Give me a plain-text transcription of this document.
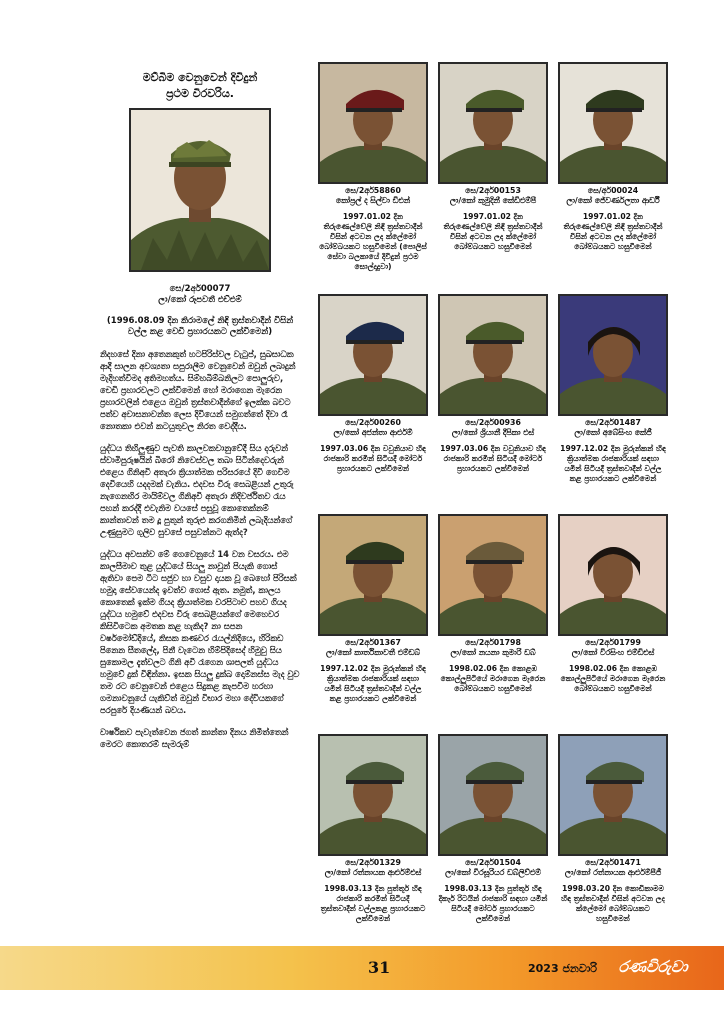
මව්බිම වෙනුවෙන් දිවිදුන්
ප්‍රථම විරවරිය.
සෙ/2අර්00077
ලා/කෝ රූපවතී එච්එම්
(1996.08.09 දින කිරාමලේ නිඳි ත්‍රස්තවාදීන් විසින් වල්ල කළ වෙඩි ප්‍රහාරයකට ලක්විමෙන්)

නිදහසේ දිනා අතෙනකුත් හටපිරිස්වල වැටුප්, සුඛසාධක ආදී සාලන අවශ්‍යතා සපුරාලීම වෙනුවෙන් ඔවුන් ලබාදුන් මැදිහත්වීමද අතිමහත්ය. සිම්හබිම්බනිලට පොලුරුව, චෙඩි ප්‍රහාරවලට ලක්වීමෙන් හෝ මරාගෙන මැරෙන ප්‍රහාරවලින් එළෙය ඔවුන් ත්‍රස්තවාදීන්ගේ ඉලක්ක බවට පත්ව අවාසනාවන්ත ලෙස දිවියෙන් සමුගත්තේ දිවා රෑ නොතකා එවන් කටයුතුවල නිරත වෙද්දීය.

යුද්ධය තිහිලුණුව පැවති කාලවකවානුවේදී සිය දරුවන් ස්වාමිපුරුෂයින් බිරෝ නිවෙස්වල තබා සිටින්දෙවරුන් එළෙය ගිනිඅවි අතැරා ක්‍රියාත්මක පරිසරයේ දිවි ගෙවීම දෙවියෙහි යදදමක් වැනිය. එදවස විරු සෙබළියන් උතුරු නැගෙනහිර මායිම්වල ගිනිඅවි අතැරා නිදිවර්ජිතව රැය පහන් කරද්දී එවැනිම වයසේ පසුවූ කොතෙක්නම් කාන්තාවන් තම දූ පුතුන් තුරුළු කරගනිමින් ලබැදියන්ගේ උණුසුමට ගුලිව සුවසේ පසුවන්නට ඇත්ද?

යුද්ධය අවසන්ව මේ ගෙවෙනුයේ 14 වන වසරය. එම කාලසීමාව තුළ යුද්ධයේ සියලු නාවුන් පියැකි ගොස් ඇතිවා පෙම ටිට සජුව හා වසුව දායක වූ බෙහෝ පිරිසක් හමුදා සේවයෙන්ද ඉවත්ව ගොස් ඇත. නමුත්, කාලය කොතෙක් ඉක්ම ගියද ක්‍රියාත්මක වරපිටාව පහව ගියද යුද්ධය හමුවේ එදවස විරු සෙබළියන්ගේ මෙහෙවර කිසිවිටෙක අමතක කළ හැකිද? නා සපන වර්ෂමෝඩ්දියේ, කිසක කණවර රැයල්නිදියෙ, හිරිකඩ පිනෙන සීතලේද, පිනී වැටෙන හිම්පිදිසෙද් හිමුවු සිය සුකොමල දැත්වලට ගිනි අවි රැගෙන ශාපලත් යුද්ධය හමුවේ දුක් විඳින්නා. ඉසක සියලු දුක්බ දොම්නස්ස මැද වුව තම රට වෙනුවෙන් එළෙය සිදුකළ කැපවීම හරහා ගමනාවනුයේ යැකිව්ත් ඔවුන් විභාර මහා දේවියකගේ පරපුරේ දියණියන් බවය.

වාර්ෂිකව පැවැත්වෙන ජගත් කාන්තා දිනය නිමිත්තෙන් මෙරට කොතරම් සැමරුම්

සෙ/2අර්58860
කෝප්‍රල් ද සිල්වා ඩීඑන්
1997.01.02 දින තිරුණෙල්වේලි නිඳි ත්‍රස්තවාදීන් විසින් අටවන ලද ක්ලේමෝ බෝම්බයකට හසුවීමෙන් (පොලිස් සේවා බලකායේ දිවිදුන් ප්‍රථම සොල්දාදුවා)
සෙ/2අර්00153
ලා/කෝ කුමුදිනී කේඩිඑම්පී
1997.01.02 දින තිරුණෙල්වේලි නිඳි ත්‍රස්තවාදීන් විසින් අටවන ලද ක්ලේමෝ බෝම්බයකට හසුවීමෙන්
සෙ/අර්00024
ලා/කෝ ජේවර්ණලතා ආර්ඩී
1997.01.02 දින තිරුණෙල්වේලි නිඳි ත්‍රස්තවාදීන් විසින් අටවන ලද ක්ලේමෝ බෝම්බයකට හසුවීමෙන්
සෙ/2අර්00260
ලා/කෝ අජන්තා ආර්එම්
1997.03.06 දින වවුනියාව හිඳ රාජකාරි කරමින් සිටියදී මෝටර් ප්‍රහාරයකට ලක්වීමෙන්
සෙ/2අර්00936
ලා/කෝ ශ්‍රියානී දීපිකා එස්
1997.03.06 දින වවුනියාව හිඳ රාජකාරි කරමින් සිටියදී මෝටර් ප්‍රහාරයකට ලක්වීමෙන්
සෙ/2අර්01487
ලා/කෝ අබේසිංහ කේජී
1997.12.02 දින මුරුන්කන් හිඳ ක්‍රියාත්මක රාජකාරියක් සඳහා යමින් සිටියදී ත්‍රස්තවාදීන් වල්ල කළ ප්‍රහාරයකට ලක්වීමෙන්
සෙ/2අර්01367
ලා/කෝ කාර්තිකාවතී එම්ඩබ්
1997.12.02 දින මුරුන්කන් හිඳ ක්‍රියාත්මක රාජකාරියක් සඳහා යමින් සිටියදී ත්‍රස්තවාදීන් වල්ල කළ ප්‍රහාරයකට ලක්වීමෙන්
සෙ/2අර්01798
ලා/කෝ නයනා කුමාරි ඩබ්
1998.02.06 දින කොළඹ කොල්ලුපිටියේ මරාගෙන මැරෙන බෝම්බයකට හසුවීමෙන්
සෙ/2අර්01799
ලා/කෝ වීරසිංහ එම්ඩිඑස්
1998.02.06 දින කොළඹ කොල්ලුපිටියේ මරාගෙන මැරෙන බෝම්බයකට හසුවීමෙන්
සෙ/2අර්01329
ලා/කෝ රත්නායක ආර්එම්එස්
1998.03.13 දින පුත්තූර් හිඳ රාජකාරි කරමින් සිටියදී ත්‍රස්තවාදීන් වල්ලකළ ප්‍රහාරයකට ලක්වීමෙන්
සෙ/2අර්01504
ලා/කෝ වීරසූරියර ඩබ්ලිව්එම්
1998.03.13 දින පුත්තූර් හිඳ දිකෑර් රිටයින් රාජකාරි සඳහා යමින් සිටියදී මෝටර් ප්‍රහාරයකට ලක්වීමෙන්
සෙ/2අර්01471
ලා/කෝ රත්නායක ආර්එම්පීජී
1998.03.20 දින කොඩිකාමම හිඳ ත්‍රස්තවාදීන් විසින් අටවන ලද ක්ලේමෝ බෝම්බයකට හසුවීමෙන්
31	2023 ජනවාරි	රණවිරුවා
